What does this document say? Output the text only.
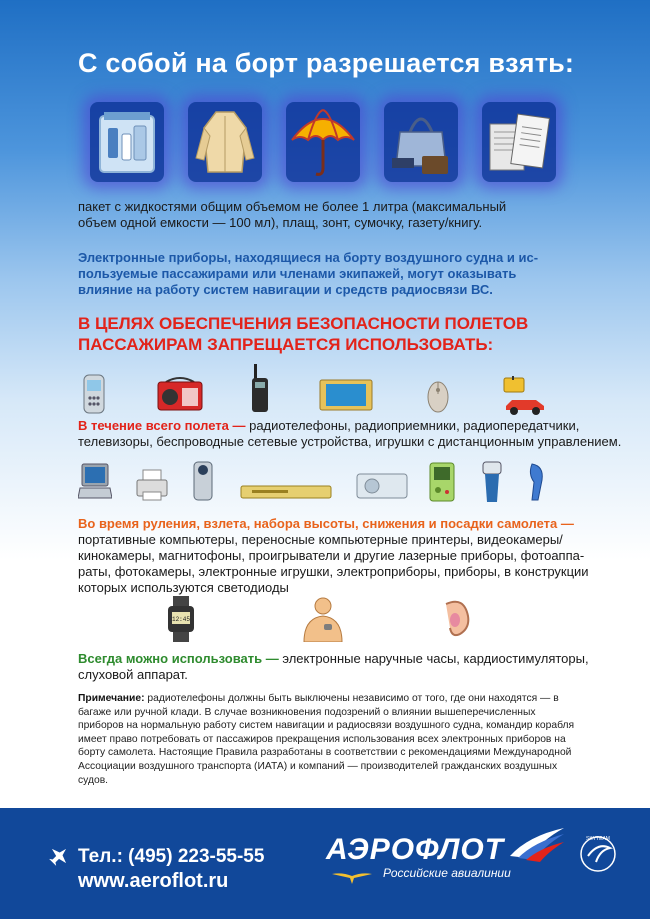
С собой на борт разрешается взять:
пакет с жидкостями общим объемом не более 1 литра (максимальный
объем одной емкости — 100 мл), плащ, зонт, сумочку, газету/книгу.
Электронные приборы, находящиеся на борту воздушного судна и ис-
пользуемые пассажирами или членами экипажей, могут оказывать
влияние на работу систем навигации и средств радиосвязи ВС.
В ЦЕЛЯХ ОБЕСПЕЧЕНИЯ БЕЗОПАСНОСТИ ПОЛЕТОВ
ПАССАЖИРАМ ЗАПРЕЩАЕТСЯ ИСПОЛЬЗОВАТЬ:
В течение всего полета — радиотелефоны, радиоприемники, радиопередатчики,
телевизоры, беспроводные сетевые устройства, игрушки с дистанционным управлением.
Во время руления, взлета, набора высоты, снижения и посадки самолета —
портативные компьютеры, переносные компьютерные принтеры, видеокамеры/
кинокамеры, магнитофоны, проигрыватели и другие лазерные приборы, фотоаппа-
раты, фотокамеры, электронные игрушки, электроприборы, приборы, в конструкции
которых используются светодиоды
12:45
Всегда можно использовать — электронные наручные часы, кардиостимуляторы,
слуховой аппарат.
Примечание: радиотелефоны должны быть выключены независимо от того, где они находятся — в багаже или ручной клади. В случае возникновения подозрений о влиянии вышеперечисленных приборов на нормальную работу систем навигации и радиосвязи воздушного судна, командир корабля имеет право потребовать от пассажиров прекращения использования всех электронных приборов на борту самолета. Настоящие Правила разработаны в соответствии с рекомендациями Международной Ассоциации воздушного транспорта (ИАТА) и компаний — производителей гражданских воздушных судов.
Тел.: (495) 223-55-55
www.aeroflot.ru
АЭРОФЛОТ
Российские авиалинии
SKYTEAM
